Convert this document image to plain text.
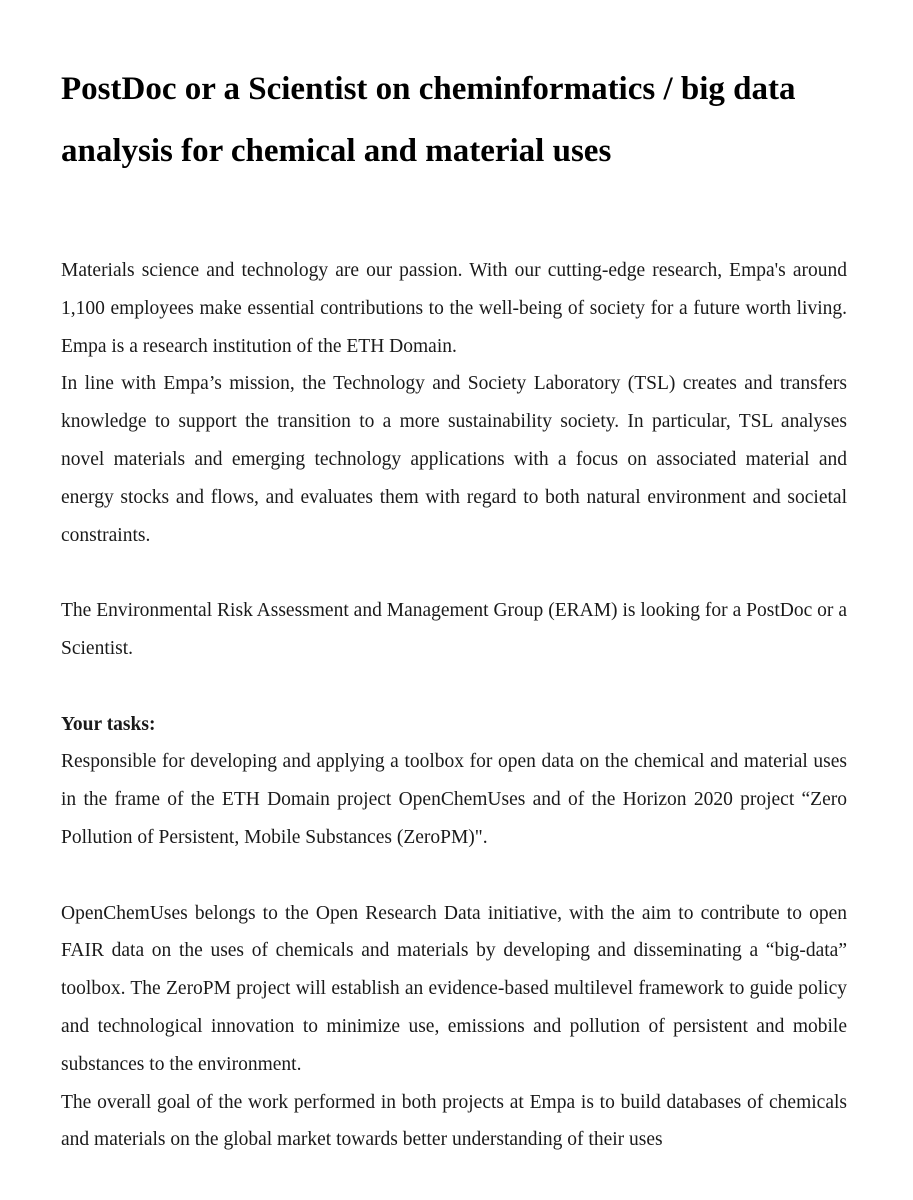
PostDoc or a Scientist on cheminformatics / big data analysis for chemical and material uses

Materials science and technology are our passion. With our cutting-edge research, Empa's around 1,100 employees make essential contributions to the well-being of society for a future worth living. Empa is a research institution of the ETH Domain.

In line with Empa’s mission, the Technology and Society Laboratory (TSL) creates and transfers knowledge to support the transition to a more sustainability society. In particular, TSL analyses novel materials and emerging technology applications with a focus on associated material and energy stocks and flows, and evaluates them with regard to both natural environment and societal constraints.

The Environmental Risk Assessment and Management Group (ERAM) is looking for a PostDoc or a Scientist.

Your tasks:

Responsible for developing and applying a toolbox for open data on the chemical and material uses in the frame of the ETH Domain project OpenChemUses and of the Horizon 2020 project “Zero Pollution of Persistent, Mobile Substances (ZeroPM)".

OpenChemUses belongs to the Open Research Data initiative, with the aim to contribute to open FAIR data on the uses of chemicals and materials by developing and disseminating a “big-data” toolbox. The ZeroPM project will establish an evidence-based multilevel framework to guide policy and technological innovation to minimize use, emissions and pollution of persistent and mobile substances to the environment.

The overall goal of the work performed in both projects at Empa is to build databases of chemicals and materials on the global market towards better understanding of their uses
